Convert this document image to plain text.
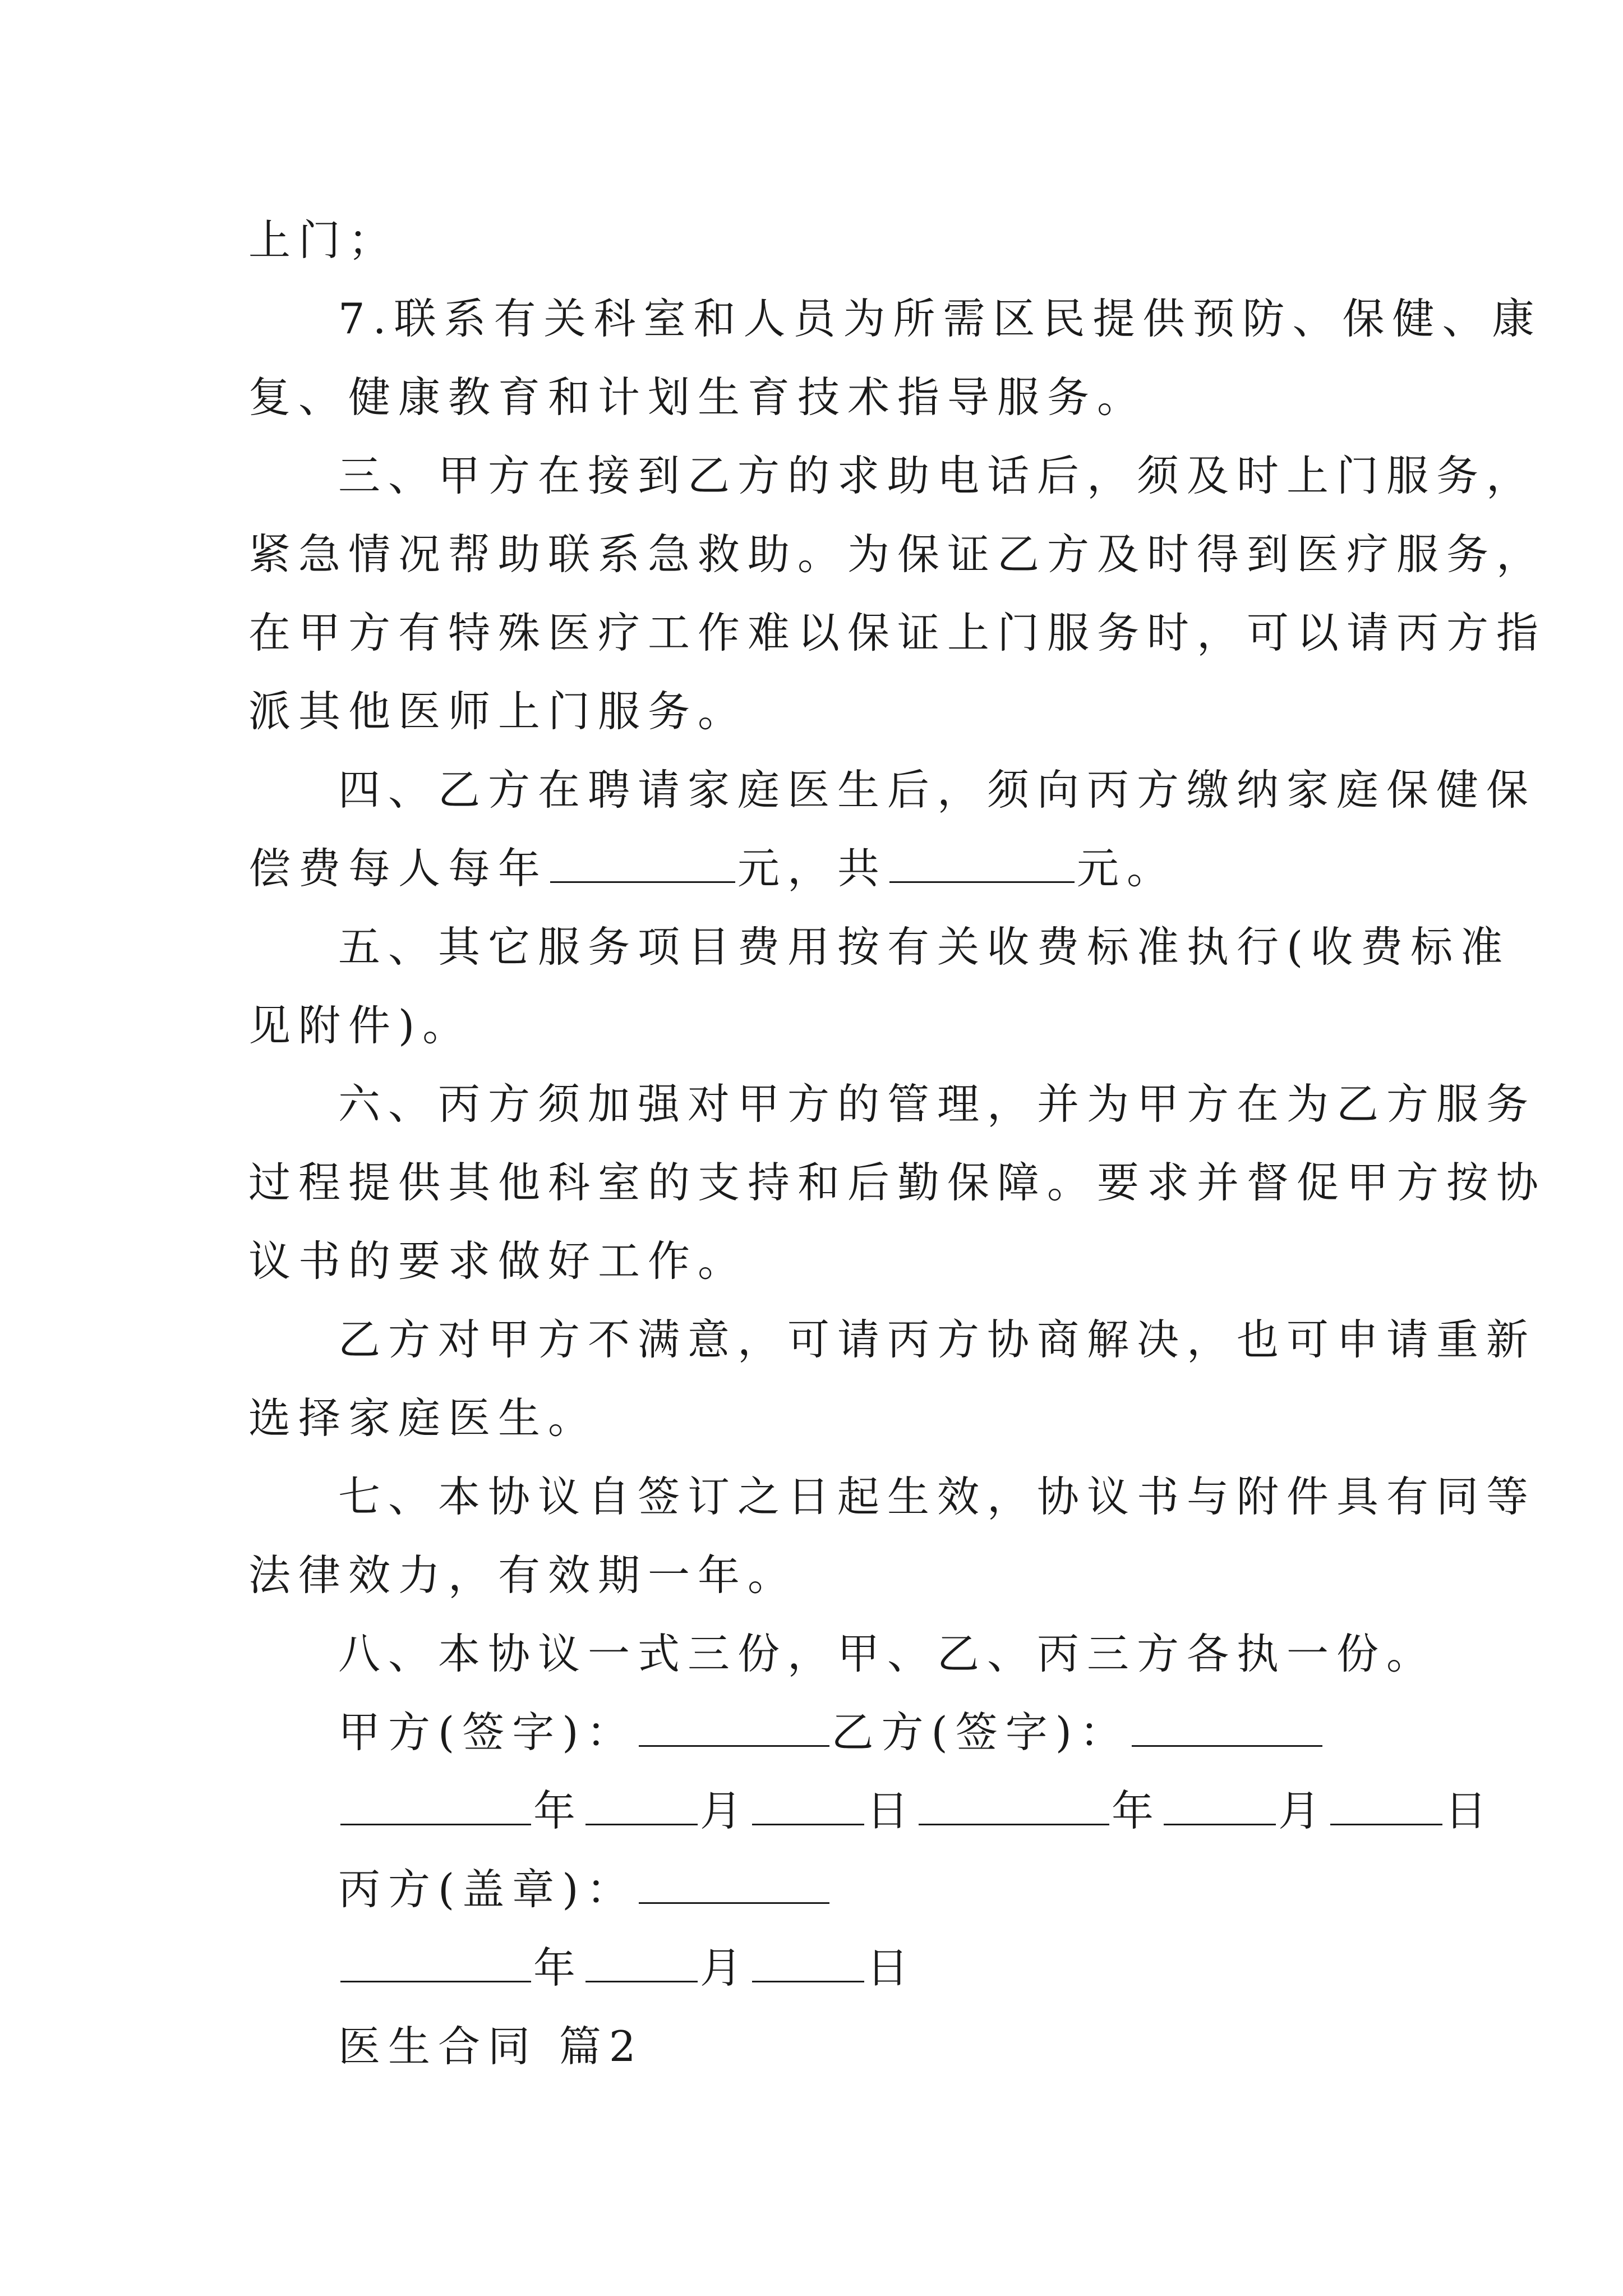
上门；
7.联系有关科室和人员为所需区民提供预防、保健、康
复、健康教育和计划生育技术指导服务。
三、甲方在接到乙方的求助电话后，须及时上门服务，
紧急情况帮助联系急救助。为保证乙方及时得到医疗服务，
在甲方有特殊医疗工作难以保证上门服务时，可以请丙方指
派其他医师上门服务。
四、乙方在聘请家庭医生后，须向丙方缴纳家庭保健保
偿费每人每年	元，共	元。
五、其它服务项目费用按有关收费标准执行(收费标准
见附件)。
六、丙方须加强对甲方的管理，并为甲方在为乙方服务
过程提供其他科室的支持和后勤保障。要求并督促甲方按协
议书的要求做好工作。
乙方对甲方不满意，可请丙方协商解决，也可申请重新
选择家庭医生。
七、本协议自签订之日起生效，协议书与附件具有同等
法律效力，有效期一年。
八、本协议一式三份，甲、乙、丙三方各执一份。
甲方(签字)：	乙方(签字)：
年	月	日	年	月	日
丙方(盖章)：
年	月	日
医生合同 篇2
